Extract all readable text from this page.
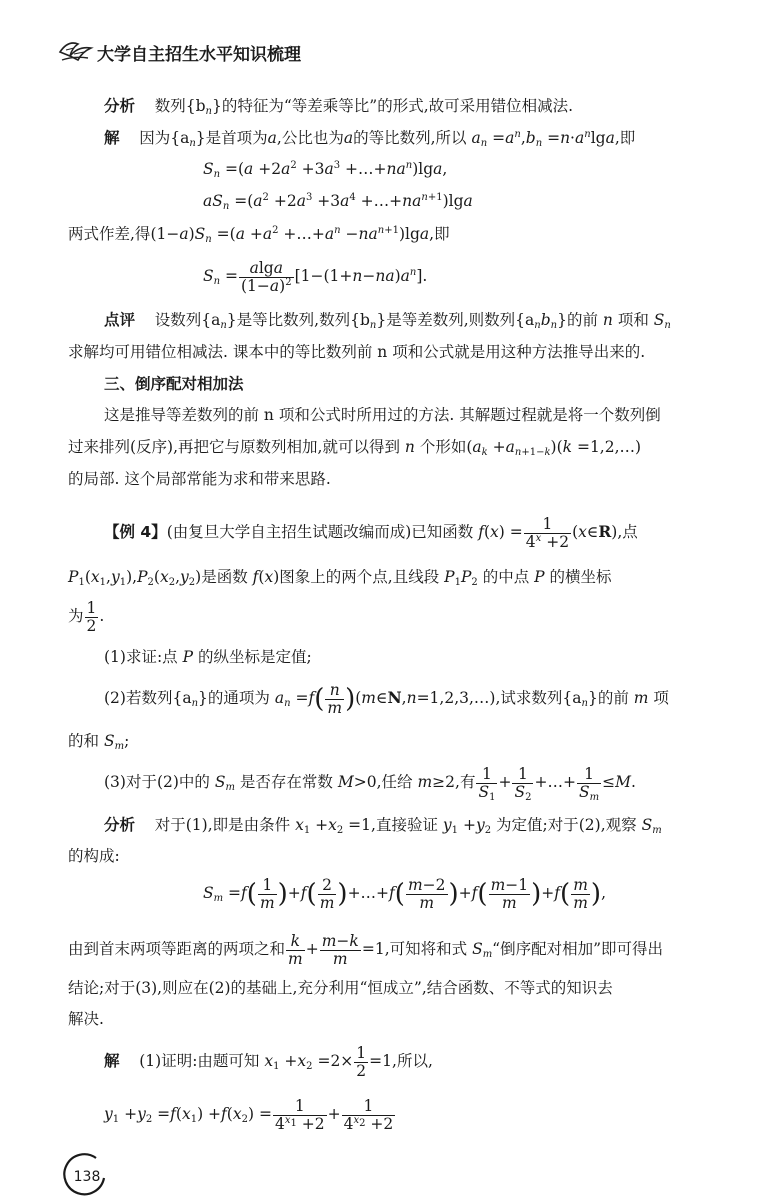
大学自主招生水平知识梳理
分析 数列$\{b_n\}$的特征为“等差乘等比”的形式,故可采用错位相减法.
解 因为$\{a_n\}$是首项为a,公比也为a的等比数列,所以 $a_n =a^n,b_n =n\cdot a^n\lg a$,即
$S_n =(a +2a^2 +3a^3$ $+\dots+na^n)\lg a$,
$aS_n =(a^2 +2a^3 +3a^4$ $+\dots+na^{n+1})\lg a$
两式作差,得$(1-a)S_n =(a +a^2$ $+\dots+a^n -na^{n+1})\lg a$,即
$S_n = \frac{alga}{(1-a)^2} [1-(1+n-na)a^n]$.
点评 设数列$\{a_n\}$是等比数列,数列$\{b_n\}$是等差数列,则数列$\{a_nb_n\}$的前 n 项和 $S_n$
求解均可用错位相减法. 课本中的等比数列前 n 项和公式就是用这种方法推导出来的.
三、倒序配对相加法
这是推导等差数列的前 n 项和公式时所用过的方法. 其解题过程就是将一个数列倒
过来排列(反序),再把它与原数列相加,就可以得到 n 个形如$(a_k +a_{n+1-k})(k$ =1,2,…)
的局部. 这个局部常能为求和带来思路.
【例 4】(由复旦大学自主招生试题改编而成)已知函数 $f(x) = \frac{1}{4^x +2}$ (x∈R),点
$P_1(x_1,y_1),P_2(x_2,y_2)$是函数 f(x)图象上的两个点,且线段 $P_1P_2$ 的中点 P 的横坐标
为 $\frac{1}{2}$ .
(1)求证:点 P 的纵坐标是定值;
(2)若数列$\{a_n\}$的通项为 $a_n =f( \frac{n}{m}$ )(m∈N,n=1,2,3,…),试求数列$\{a_n\}$的前 m 项
的和 $S_m$;
(3)对于(2)中的 $S_m$ 是否存在常数 M>0,任给 m≥2,有 $\frac{1}{S_1} + \frac{1}{S_2}$ +…+ $\frac{1}{S_m} \le M$.
分析 对于(1),即是由条件 $x_1 +x_2 =1$,直接验证 $y_1 +y_2$ 为定值;对于(2),观察 $S_m$
的构成:
$S_m =f( \frac{1}{m} )+f( \frac{2}{m}$ )+…+f( $\frac{m-2}{m} )+f( \frac{m-1}{m} )+f( \frac{m}{m}$ ),
由到首末两项等距离的两项之和 $\frac{k}{m} + \frac{m-k}{m} =1$,可知将和式 $S_m“$倒序配对相加”即可得出
结论;对于(3),则应在(2)的基础上,充分利用“恒成立”,结合函数、不等式的知识去
解决.
解 (1)证明:由题可知 $x_1 +x_2 =2\times \frac{1}{2} =1$,所以,
$y_1 +y_2 =f(x_1) +f(x_2) = \frac{1}{4^{x_1} +2} + \frac{1}{4^{x_2} +2}$
138
